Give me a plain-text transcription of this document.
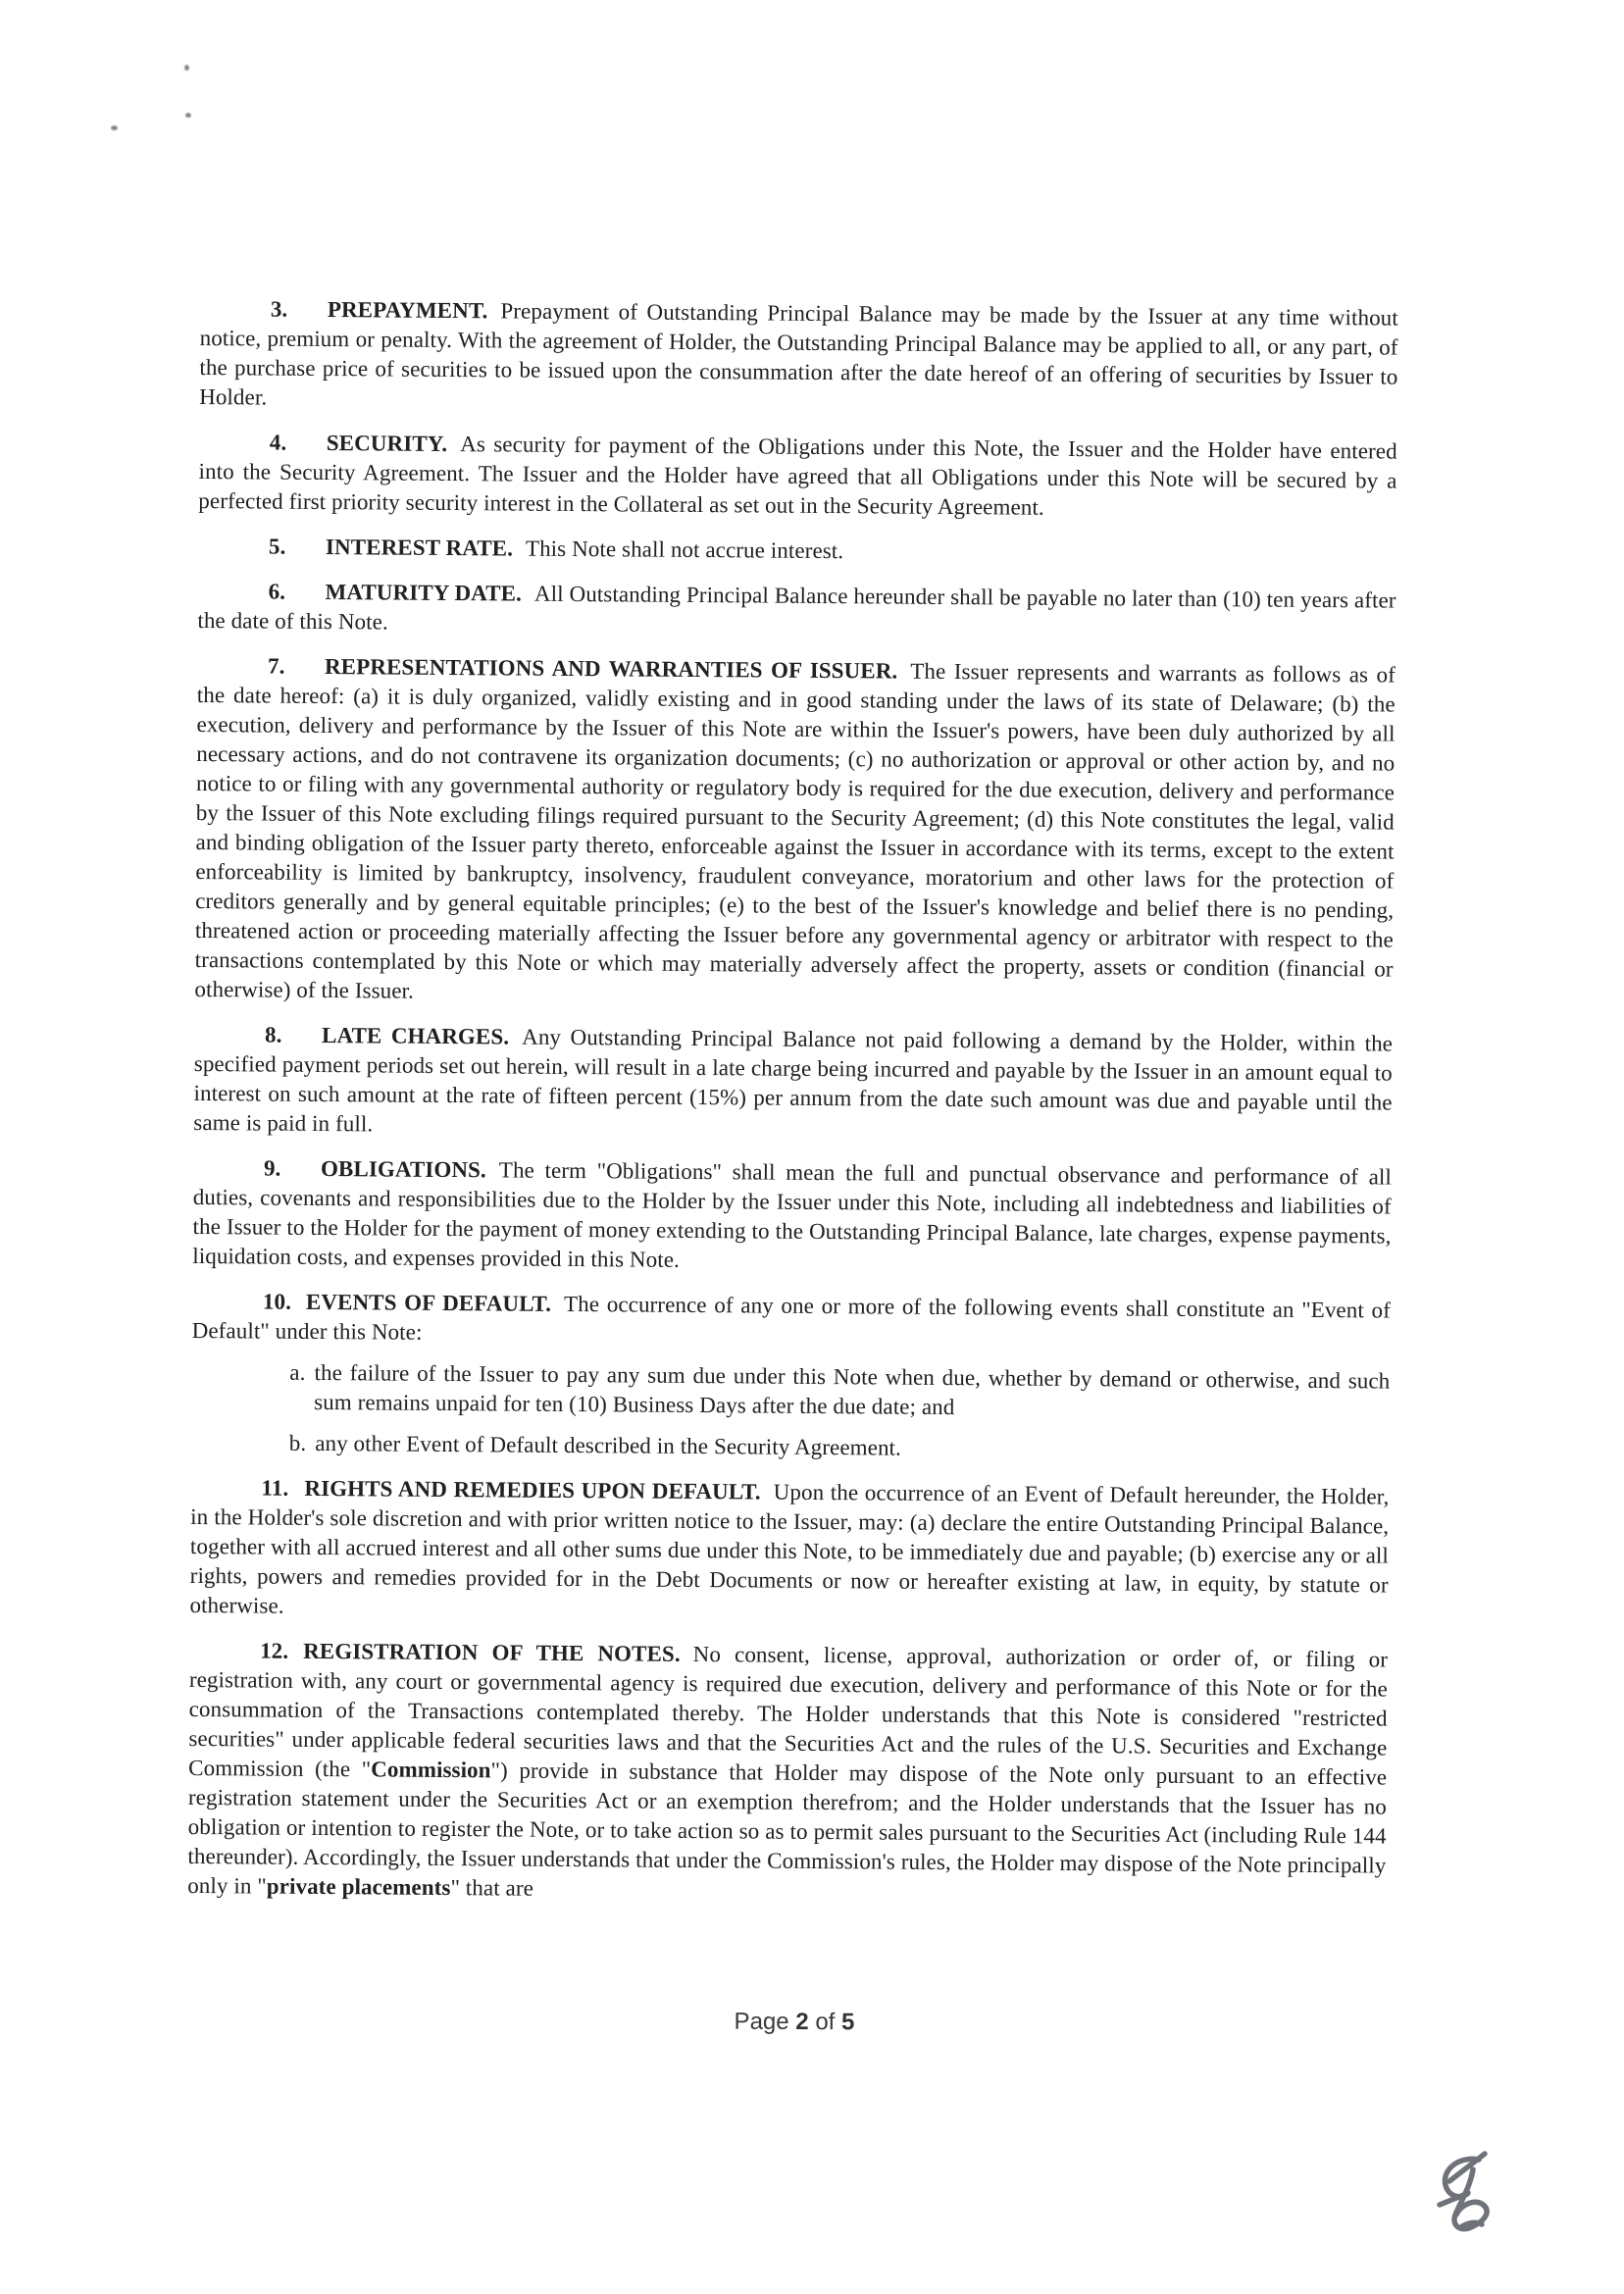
3. PREPAYMENT. Prepayment of Outstanding Principal Balance may be made by the Issuer at any time without notice, premium or penalty. With the agreement of Holder, the Outstanding Principal Balance may be applied to all, or any part, of the purchase price of securities to be issued upon the consummation after the date hereof of an offering of securities by Issuer to Holder.

4. SECURITY. As security for payment of the Obligations under this Note, the Issuer and the Holder have entered into the Security Agreement. The Issuer and the Holder have agreed that all Obligations under this Note will be secured by a perfected first priority security interest in the Collateral as set out in the Security Agreement.

5. INTEREST RATE. This Note shall not accrue interest.

6. MATURITY DATE. All Outstanding Principal Balance hereunder shall be payable no later than (10) ten years after the date of this Note.

7. REPRESENTATIONS AND WARRANTIES OF ISSUER. The Issuer represents and warrants as follows as of the date hereof: (a) it is duly organized, validly existing and in good standing under the laws of its state of Delaware; (b) the execution, delivery and performance by the Issuer of this Note are within the Issuer's powers, have been duly authorized by all necessary actions, and do not contravene its organization documents; (c) no authorization or approval or other action by, and no notice to or filing with any governmental authority or regulatory body is required for the due execution, delivery and performance by the Issuer of this Note excluding filings required pursuant to the Security Agreement; (d) this Note constitutes the legal, valid and binding obligation of the Issuer party thereto, enforceable against the Issuer in accordance with its terms, except to the extent enforceability is limited by bankruptcy, insolvency, fraudulent conveyance, moratorium and other laws for the protection of creditors generally and by general equitable principles; (e) to the best of the Issuer's knowledge and belief there is no pending, threatened action or proceeding materially affecting the Issuer before any governmental agency or arbitrator with respect to the transactions contemplated by this Note or which may materially adversely affect the property, assets or condition (financial or otherwise) of the Issuer.

8. LATE CHARGES. Any Outstanding Principal Balance not paid following a demand by the Holder, within the specified payment periods set out herein, will result in a late charge being incurred and payable by the Issuer in an amount equal to interest on such amount at the rate of fifteen percent (15%) per annum from the date such amount was due and payable until the same is paid in full.

9. OBLIGATIONS. The term "Obligations" shall mean the full and punctual observance and performance of all duties, covenants and responsibilities due to the Holder by the Issuer under this Note, including all indebtedness and liabilities of the Issuer to the Holder for the payment of money extending to the Outstanding Principal Balance, late charges, expense payments, liquidation costs, and expenses provided in this Note.

10. EVENTS OF DEFAULT. The occurrence of any one or more of the following events shall constitute an "Event of Default" under this Note:

a. the failure of the Issuer to pay any sum due under this Note when due, whether by demand or otherwise, and such sum remains unpaid for ten (10) Business Days after the due date; and

b. any other Event of Default described in the Security Agreement.

11. RIGHTS AND REMEDIES UPON DEFAULT. Upon the occurrence of an Event of Default hereunder, the Holder, in the Holder's sole discretion and with prior written notice to the Issuer, may: (a) declare the entire Outstanding Principal Balance, together with all accrued interest and all other sums due under this Note, to be immediately due and payable; (b) exercise any or all rights, powers and remedies provided for in the Debt Documents or now or hereafter existing at law, in equity, by statute or otherwise.

12. REGISTRATION OF THE NOTES. No consent, license, approval, authorization or order of, or filing or registration with, any court or governmental agency is required due execution, delivery and performance of this Note or for the consummation of the Transactions contemplated thereby. The Holder understands that this Note is considered "restricted securities" under applicable federal securities laws and that the Securities Act and the rules of the U.S. Securities and Exchange Commission (the "Commission") provide in substance that Holder may dispose of the Note only pursuant to an effective registration statement under the Securities Act or an exemption therefrom; and the Holder understands that the Issuer has no obligation or intention to register the Note, or to take action so as to permit sales pursuant to the Securities Act (including Rule 144 thereunder). Accordingly, the Issuer understands that under the Commission's rules, the Holder may dispose of the Note principally only in "private placements" that are

Page 2 of 5
